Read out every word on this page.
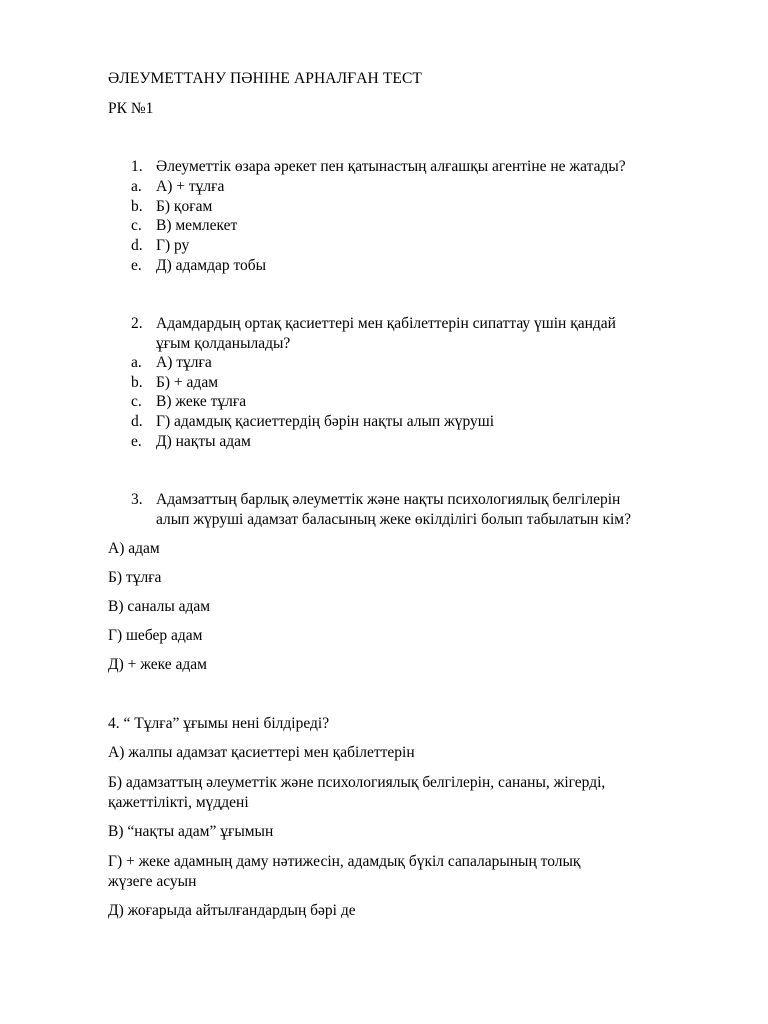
ӘЛЕУМЕТТАНУ ПӘНІНЕ АРНАЛҒАН ТЕСТ
РК №1
1. Әлеуметтік өзара әрекет пен қатынастың алғашқы агентіне не жатады?
a. А) + тұлға
b. Б) қоғам
c. В) мемлекет
d. Г) ру
e. Д) адамдар тобы
2. Адамдардың ортақ қасиеттері мен қабілеттерін сипаттау үшін қандай
ұғым қолданылады?
a. А) тұлға
b. Б) + адам
c. В) жеке тұлға
d. Г) адамдық қасиеттердің бәрін нақты алып жүруші
e. Д) нақты адам
3. Адамзаттың барлық әлеуметтік және нақты психологиялық белгілерін
алып жүруші адамзат баласының жеке өкілділігі болып табылатын кім?
А) адам
Б) тұлға
В) саналы адам
Г) шебер адам
Д) + жеке адам
4. “ Тұлға” ұғымы нені білдіреді?
А) жалпы адамзат қасиеттері мен қабілеттерін
Б) адамзаттың әлеуметтік және психологиялық белгілерін, сананы, жігерді,
қажеттілікті, мүддені
В) “нақты адам” ұғымын
Г) + жеке адамның даму нәтижесін, адамдық бүкіл сапаларының толық
жүзеге асуын
Д) жоғарыда айтылғандардың бәрі де
